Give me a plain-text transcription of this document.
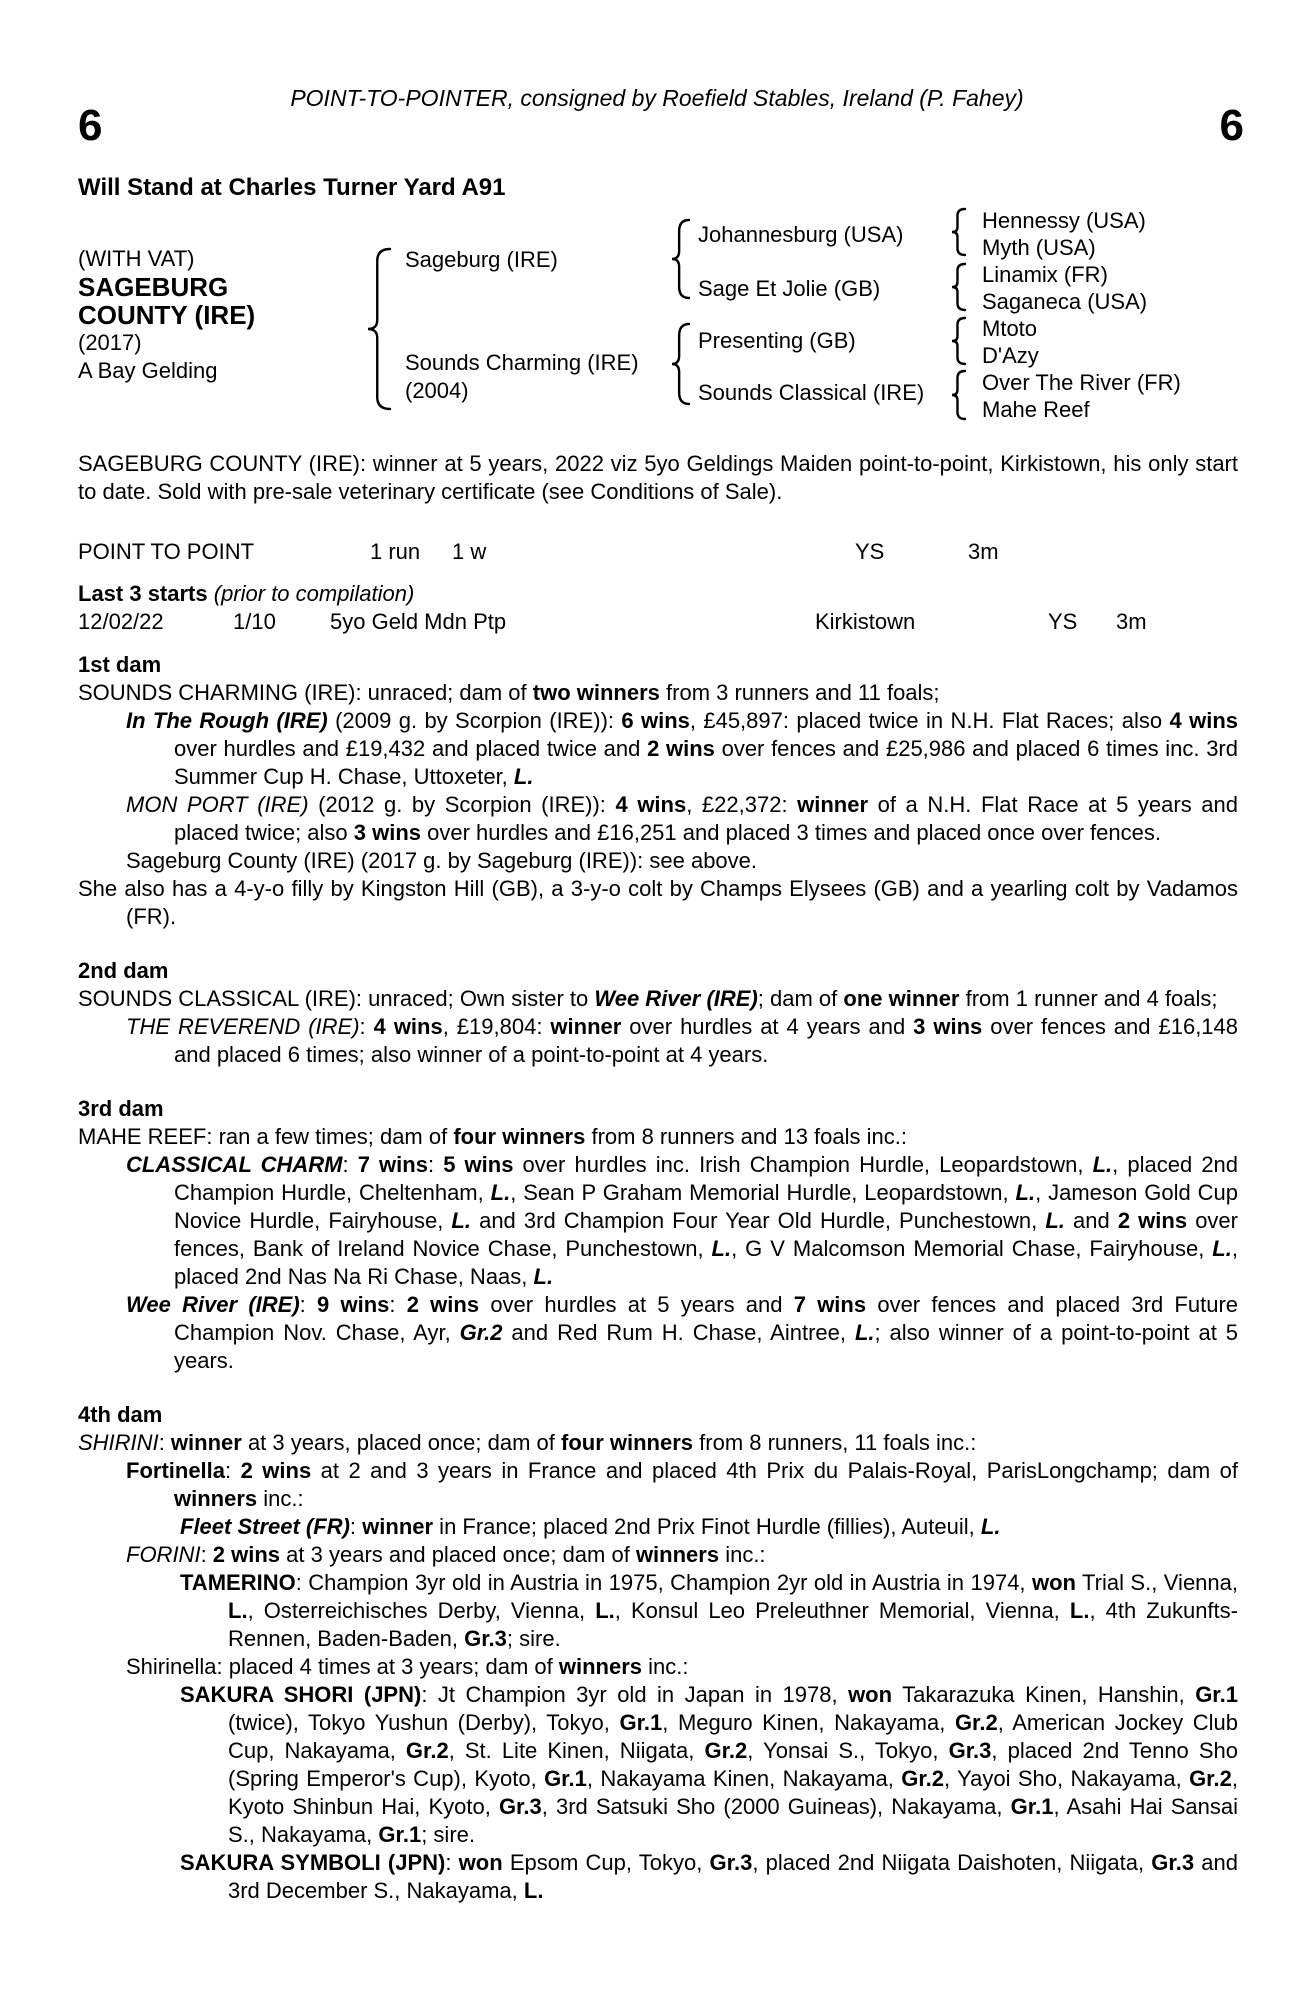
POINT-TO-POINTER, consigned by Roefield Stables, Ireland (P. Fahey)
6	6
Will Stand at Charles Turner Yard A91
(WITH VAT)
SAGEBURG
COUNTY (IRE)
(2017)
A Bay Gelding
Sageburg (IRE)
Sounds Charming (IRE)
(2004)
Johannesburg (USA)
Sage Et Jolie (GB)
Presenting (GB)
Sounds Classical (IRE)
Hennessy (USA)
Myth (USA)
Linamix (FR)
Saganeca (USA)
Mtoto
D'Azy
Over The River (FR)
Mahe Reef
SAGEBURG COUNTY (IRE): winner at 5 years, 2022 viz 5yo Geldings Maiden point-to-point, Kirkistown, his only start to date. Sold with pre-sale veterinary certificate (see Conditions of Sale).
POINT TO POINT	1 run 1 w	YS	3m
Last 3 starts (prior to compilation)
12/02/22	1/10 5yo Geld Mdn Ptp	Kirkistown	YS 3m
1st dam

SOUNDS CHARMING (IRE): unraced; dam of two winners from 3 runners and 11 foals;

In The Rough (IRE) (2009 g. by Scorpion (IRE)): 6 wins, £45,897: placed twice in N.H. Flat Races; also 4 wins over hurdles and £19,432 and placed twice and 2 wins over fences and £25,986 and placed 6 times inc. 3rd Summer Cup H. Chase, Uttoxeter, L.

MON PORT (IRE) (2012 g. by Scorpion (IRE)): 4 wins, £22,372: winner of a N.H. Flat Race at 5 years and placed twice; also 3 wins over hurdles and £16,251 and placed 3 times and placed once over fences.

Sageburg County (IRE) (2017 g. by Sageburg (IRE)): see above.

She also has a 4-y-o filly by Kingston Hill (GB), a 3-y-o colt by Champs Elysees (GB) and a yearling colt by Vadamos (FR).

2nd dam

SOUNDS CLASSICAL (IRE): unraced; Own sister to Wee River (IRE); dam of one winner from 1 runner and 4 foals;

THE REVEREND (IRE): 4 wins, £19,804: winner over hurdles at 4 years and 3 wins over fences and £16,148 and placed 6 times; also winner of a point-to-point at 4 years.

3rd dam

MAHE REEF: ran a few times; dam of four winners from 8 runners and 13 foals inc.:

CLASSICAL CHARM: 7 wins: 5 wins over hurdles inc. Irish Champion Hurdle, Leopardstown, L., placed 2nd Champion Hurdle, Cheltenham, L., Sean P Graham Memorial Hurdle, Leopardstown, L., Jameson Gold Cup Novice Hurdle, Fairyhouse, L. and 3rd Champion Four Year Old Hurdle, Punchestown, L. and 2 wins over fences, Bank of Ireland Novice Chase, Punchestown, L., G V Malcomson Memorial Chase, Fairyhouse, L., placed 2nd Nas Na Ri Chase, Naas, L.

Wee River (IRE): 9 wins: 2 wins over hurdles at 5 years and 7 wins over fences and placed 3rd Future Champion Nov. Chase, Ayr, Gr.2 and Red Rum H. Chase, Aintree, L.; also winner of a point-to-point at 5 years.

4th dam

SHIRINI: winner at 3 years, placed once; dam of four winners from 8 runners, 11 foals inc.:

Fortinella: 2 wins at 2 and 3 years in France and placed 4th Prix du Palais-Royal, ParisLongchamp; dam of winners inc.:

Fleet Street (FR): winner in France; placed 2nd Prix Finot Hurdle (fillies), Auteuil, L.

FORINI: 2 wins at 3 years and placed once; dam of winners inc.:

TAMERINO: Champion 3yr old in Austria in 1975, Champion 2yr old in Austria in 1974, won Trial S., Vienna, L., Osterreichisches Derby, Vienna, L., Konsul Leo Preleuthner Memorial, Vienna, L., 4th Zukunfts-Rennen, Baden-Baden, Gr.3; sire.

Shirinella: placed 4 times at 3 years; dam of winners inc.:

SAKURA SHORI (JPN): Jt Champion 3yr old in Japan in 1978, won Takarazuka Kinen, Hanshin, Gr.1 (twice), Tokyo Yushun (Derby), Tokyo, Gr.1, Meguro Kinen, Nakayama, Gr.2, American Jockey Club Cup, Nakayama, Gr.2, St. Lite Kinen, Niigata, Gr.2, Yonsai S., Tokyo, Gr.3, placed 2nd Tenno Sho (Spring Emperor's Cup), Kyoto, Gr.1, Nakayama Kinen, Nakayama, Gr.2, Yayoi Sho, Nakayama, Gr.2, Kyoto Shinbun Hai, Kyoto, Gr.3, 3rd Satsuki Sho (2000 Guineas), Nakayama, Gr.1, Asahi Hai Sansai S., Nakayama, Gr.1; sire.

SAKURA SYMBOLI (JPN): won Epsom Cup, Tokyo, Gr.3, placed 2nd Niigata Daishoten, Niigata, Gr.3 and 3rd December S., Nakayama, L.
